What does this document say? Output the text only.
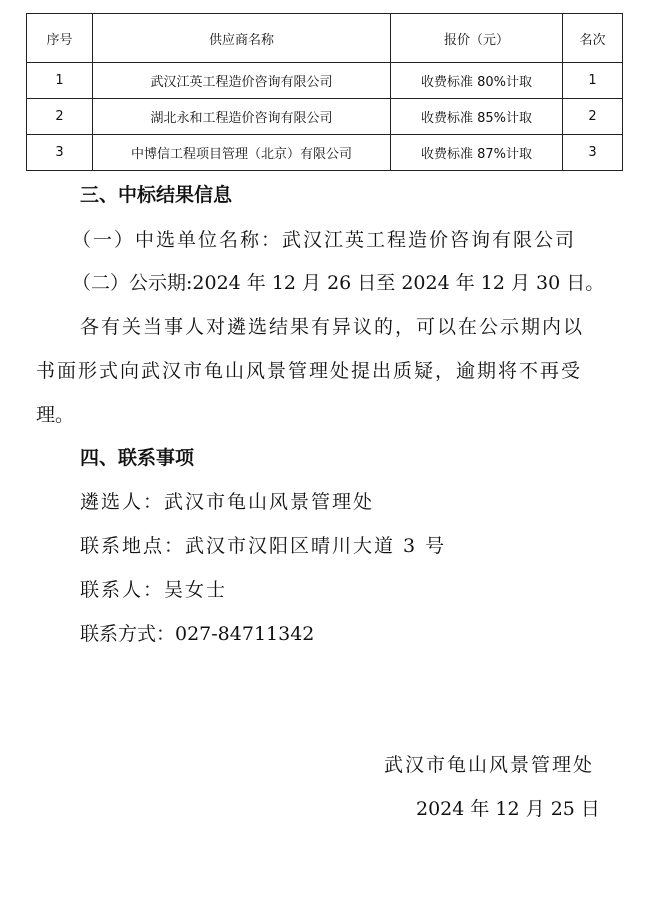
序号	供应商名称	报价（元）	名次
1	武汉江英工程造价咨询有限公司	收费标准 80%计取	1
2	湖北永和工程造价咨询有限公司	收费标准 85%计取	2
3	中博信工程项目管理（北京）有限公司	收费标准 87%计取	3
三、中标结果信息
（一）中选单位名称：武汉江英工程造价咨询有限公司
（二）公示期:2024 年 12 月 26 日至 2024 年 12 月 30 日。
各有关当事人对遴选结果有异议的，可以在公示期内以
书面形式向武汉市龟山风景管理处提出质疑，逾期将不再受
理。
四、联系事项
遴选人：武汉市龟山风景管理处
联系地点：武汉市汉阳区晴川大道 3 号
联系人：吴女士
联系方式：027-84711342
武汉市龟山风景管理处
2024 年 12 月 25 日
